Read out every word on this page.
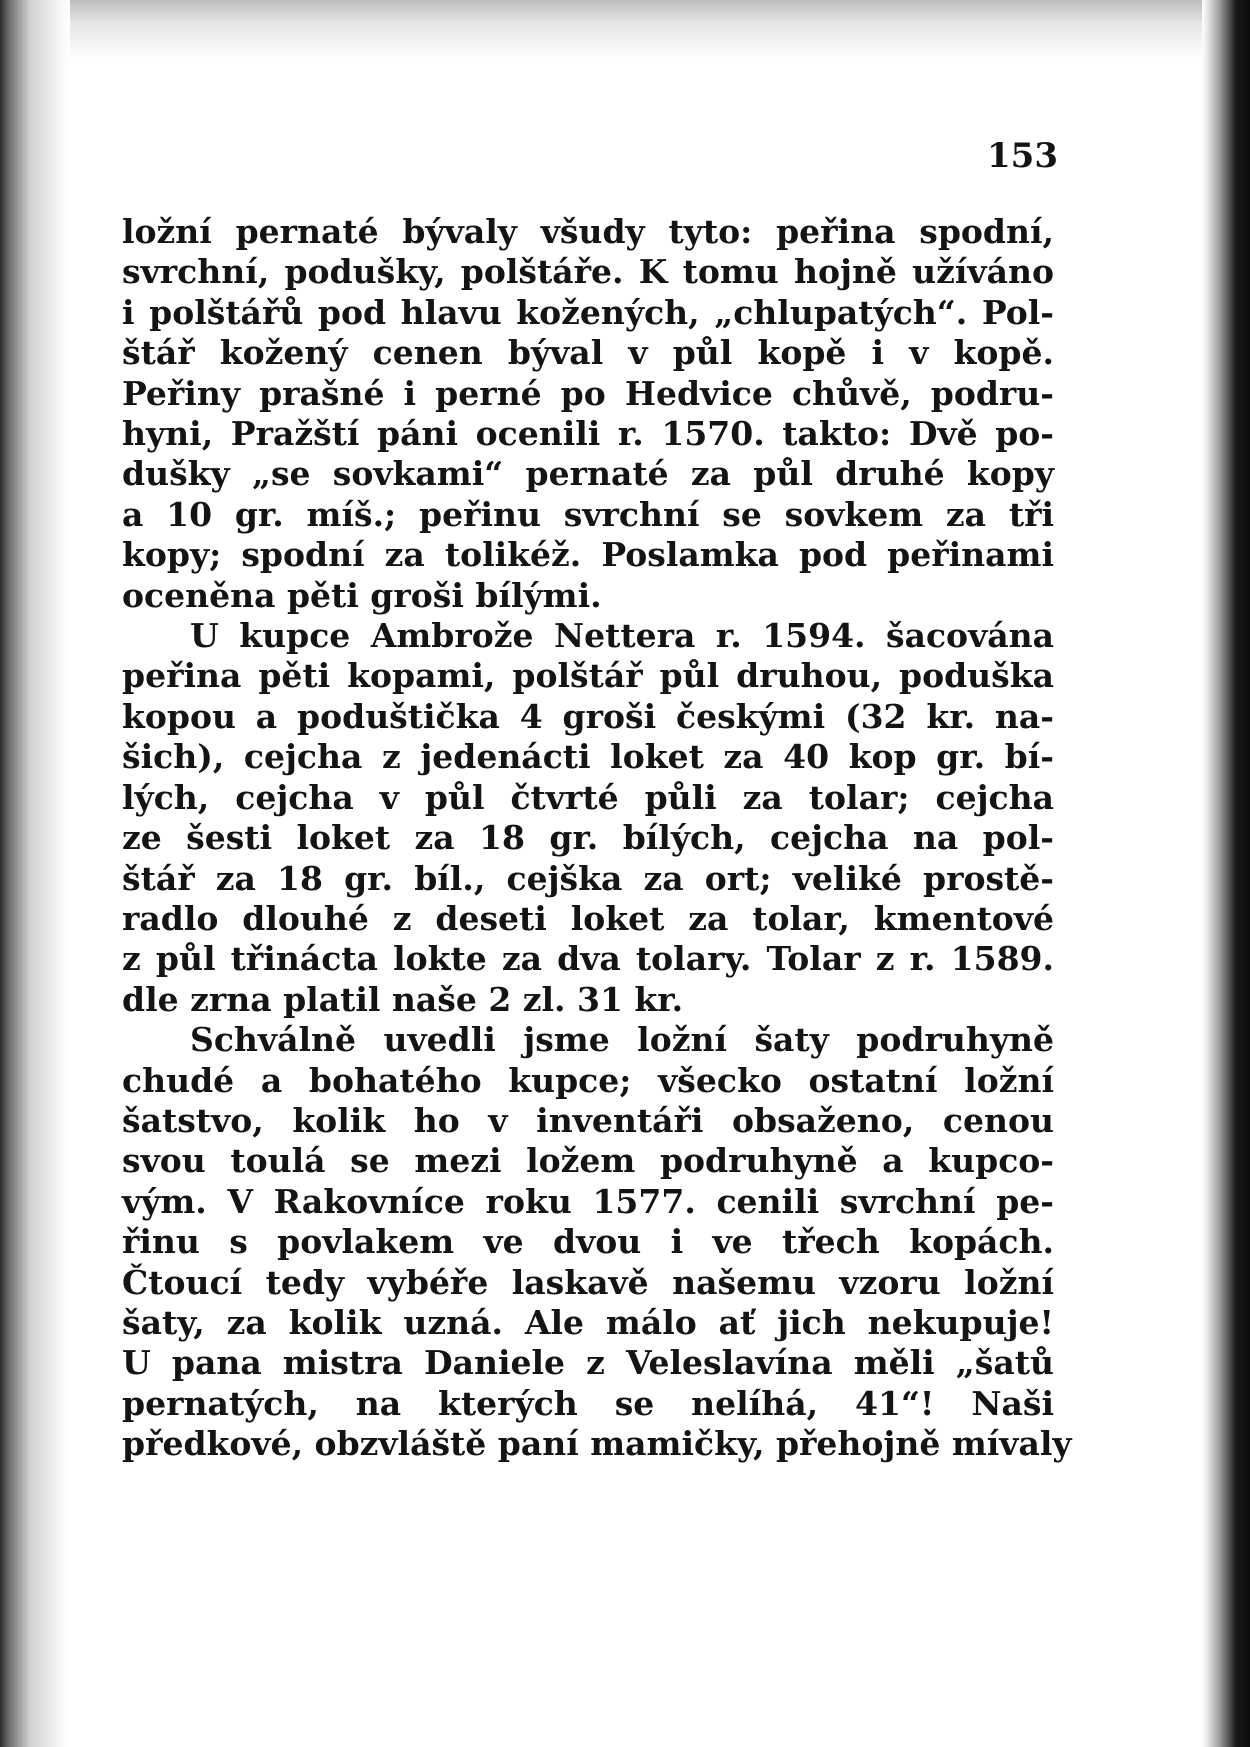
153

ložní pernaté bývaly všudy tyto: peřina spodní,
svrchní, podušky, polštáře. K tomu hojně užíváno
i polštářů pod hlavu kožených, „chlupatých“. Pol-
štář kožený cenen býval v půl kopě i v kopě.
Peřiny prašné i perné po Hedvice chůvě, podru-
hyni, Pražští páni ocenili r. 1570. takto: Dvě po-
dušky „se sovkami“ pernaté za půl druhé kopy
a 10 gr. míš.; peřinu svrchní se sovkem za tři
kopy; spodní za tolikéž. Poslamka pod peřinami
oceněna pěti groši bílými.
U kupce Ambrože Nettera r. 1594. šacována
peřina pěti kopami, polštář půl druhou, poduška
kopou a poduštička 4 groši českými (32 kr. na-
šich), cejcha z jedenácti loket za 40 kop gr. bí-
lých, cejcha v půl čtvrté půli za tolar; cejcha
ze šesti loket za 18 gr. bílých, cejcha na pol-
štář za 18 gr. bíl., cejška za ort; veliké prostě-
radlo dlouhé z deseti loket za tolar, kmentové
z půl třinácta lokte za dva tolary. Tolar z r. 1589.
dle zrna platil naše 2 zl. 31 kr.
Schválně uvedli jsme ložní šaty podruhyně
chudé a bohatého kupce; všecko ostatní ložní
šatstvo, kolik ho v inventáři obsaženo, cenou
svou toulá se mezi ložem podruhyně a kupco-
vým. V Rakovníce roku 1577. cenili svrchní pe-
řinu s povlakem ve dvou i ve třech kopách.
Čtoucí tedy vybéře laskavě našemu vzoru ložní
šaty, za kolik uzná. Ale málo ať jich nekupuje!
U pana mistra Daniele z Veleslavína měli „šatů
pernatých, na kterých se nelíhá, 41“! Naši
předkové, obzvláště paní mamičky, přehojně mívaly
